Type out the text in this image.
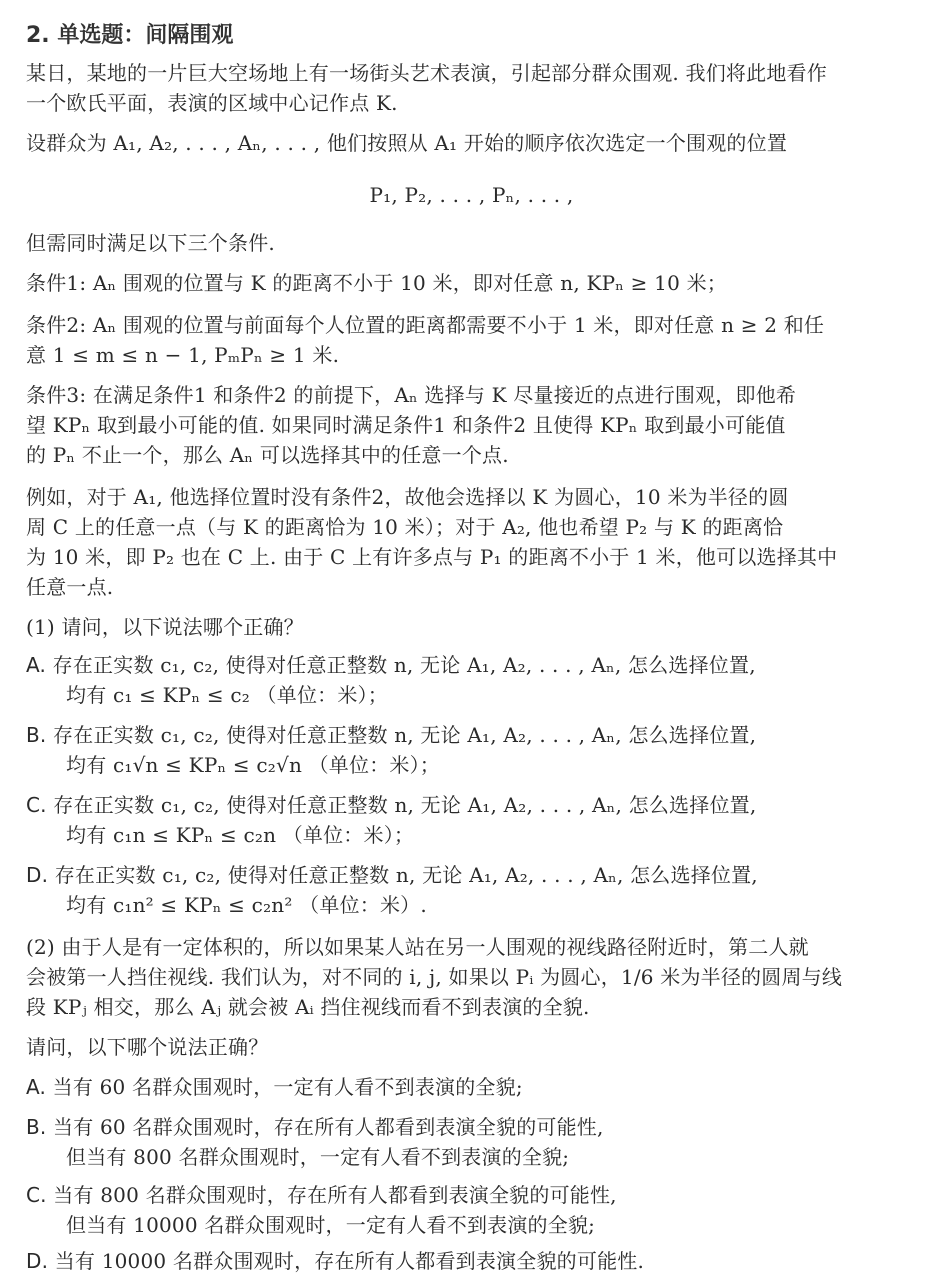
2. 单选题：间隔围观
某日，某地的一片巨大空场地上有一场街头艺术表演，引起部分群众围观. 我们将此地看作
一个欧氏平面，表演的区域中心记作点 K.
设群众为 A₁, A₂, . . . , Aₙ, . . . , 他们按照从 A₁ 开始的顺序依次选定一个围观的位置
P₁, P₂, . . . , Pₙ, . . . ,
但需同时满足以下三个条件.
条件1: Aₙ 围观的位置与 K 的距离不小于 10 米，即对任意 n, KPₙ ≥ 10 米；
条件2: Aₙ 围观的位置与前面每个人位置的距离都需要不小于 1 米，即对任意 n ≥ 2 和任
意 1 ≤ m ≤ n − 1, PₘPₙ ≥ 1 米.
条件3: 在满足条件1 和条件2 的前提下，Aₙ 选择与 K 尽量接近的点进行围观，即他希
望 KPₙ 取到最小可能的值. 如果同时满足条件1 和条件2 且使得 KPₙ 取到最小可能值
的 Pₙ 不止一个，那么 Aₙ 可以选择其中的任意一个点.
例如，对于 A₁, 他选择位置时没有条件2，故他会选择以 K 为圆心，10 米为半径的圆
周 C 上的任意一点（与 K 的距离恰为 10 米）；对于 A₂, 他也希望 P₂ 与 K 的距离恰
为 10 米，即 P₂ 也在 C 上. 由于 C 上有许多点与 P₁ 的距离不小于 1 米，他可以选择其中
任意一点.
(1) 请问，以下说法哪个正确？
A. 存在正实数 c₁, c₂, 使得对任意正整数 n, 无论 A₁, A₂, . . . , Aₙ, 怎么选择位置,
均有 c₁ ≤ KPₙ ≤ c₂ （单位：米）；
B. 存在正实数 c₁, c₂, 使得对任意正整数 n, 无论 A₁, A₂, . . . , Aₙ, 怎么选择位置,
均有 c₁√n ≤ KPₙ ≤ c₂√n （单位：米）；
C. 存在正实数 c₁, c₂, 使得对任意正整数 n, 无论 A₁, A₂, . . . , Aₙ, 怎么选择位置,
均有 c₁n ≤ KPₙ ≤ c₂n （单位：米）；
D. 存在正实数 c₁, c₂, 使得对任意正整数 n, 无论 A₁, A₂, . . . , Aₙ, 怎么选择位置,
均有 c₁n² ≤ KPₙ ≤ c₂n² （单位：米）.
(2) 由于人是有一定体积的，所以如果某人站在另一人围观的视线路径附近时，第二人就
会被第一人挡住视线. 我们认为，对不同的 i, j, 如果以 Pᵢ 为圆心，1/6 米为半径的圆周与线
段 KPⱼ 相交，那么 Aⱼ 就会被 Aᵢ 挡住视线而看不到表演的全貌.
请问，以下哪个说法正确？
A. 当有 60 名群众围观时，一定有人看不到表演的全貌;
B. 当有 60 名群众围观时，存在所有人都看到表演全貌的可能性,
但当有 800 名群众围观时，一定有人看不到表演的全貌;
C. 当有 800 名群众围观时，存在所有人都看到表演全貌的可能性,
但当有 10000 名群众围观时，一定有人看不到表演的全貌;
D. 当有 10000 名群众围观时，存在所有人都看到表演全貌的可能性.
